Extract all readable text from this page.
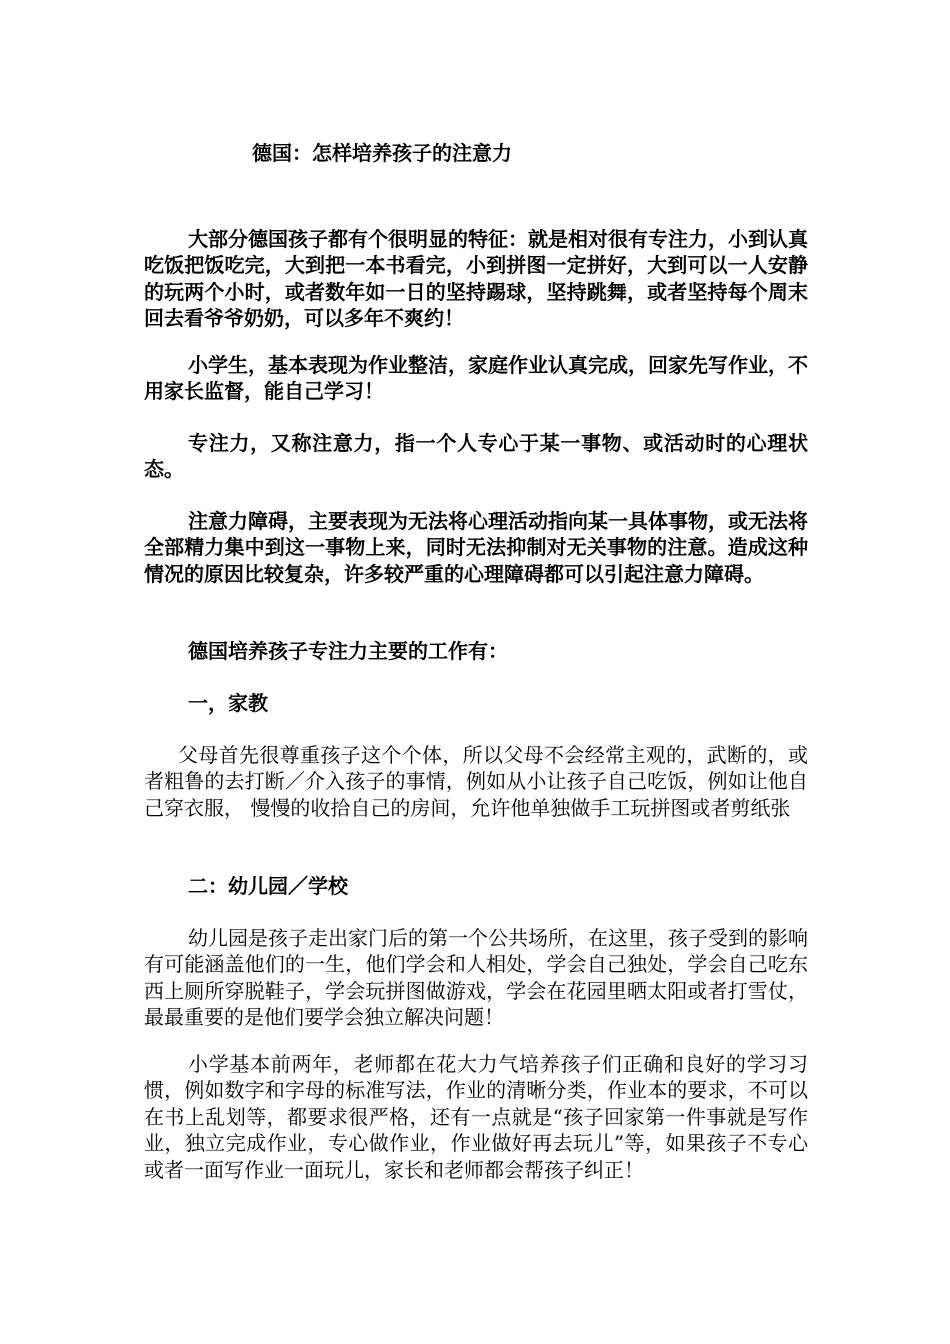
德国：怎样培养孩子的注意力

大部分德国孩子都有个很明显的特征：就是相对很有专注力，小到认真吃饭把饭吃完，大到把一本书看完，小到拼图一定拼好，大到可以一人安静的玩两个小时，或者数年如一日的坚持踢球，坚持跳舞，或者坚持每个周末回去看爷爷奶奶，可以多年不爽约！

小学生，基本表现为作业整洁，家庭作业认真完成，回家先写作业，不用家长监督，能自己学习！

专注力，又称注意力，指一个人专心于某一事物、或活动时的心理状态。

注意力障碍，主要表现为无法将心理活动指向某一具体事物，或无法将全部精力集中到这一事物上来，同时无法抑制对无关事物的注意。造成这种情况的原因比较复杂，许多较严重的心理障碍都可以引起注意力障碍。

德国培养孩子专注力主要的工作有：
一，家教

父母首先很尊重孩子这个个体，所以父母不会经常主观的，武断的，或者粗鲁的去打断／介入孩子的事情，例如从小让孩子自己吃饭，例如让他自己穿衣服， 慢慢的收拾自己的房间，允许他单独做手工玩拼图或者剪纸张

二：幼儿园／学校

幼儿园是孩子走出家门后的第一个公共场所，在这里，孩子受到的影响有可能涵盖他们的一生，他们学会和人相处，学会自己独处，学会自己吃东西上厕所穿脱鞋子，学会玩拼图做游戏，学会在花园里晒太阳或者打雪仗，最最重要的是他们要学会独立解决问题！

小学基本前两年，老师都在花大力气培养孩子们正确和良好的学习习惯，例如数字和字母的标准写法，作业的清晰分类，作业本的要求，不可以在书上乱划等，都要求很严格，还有一点就是“孩子回家第一件事就是写作业，独立完成作业，专心做作业，作业做好再去玩儿”等，如果孩子不专心或者一面写作业一面玩儿，家长和老师都会帮孩子纠正！
